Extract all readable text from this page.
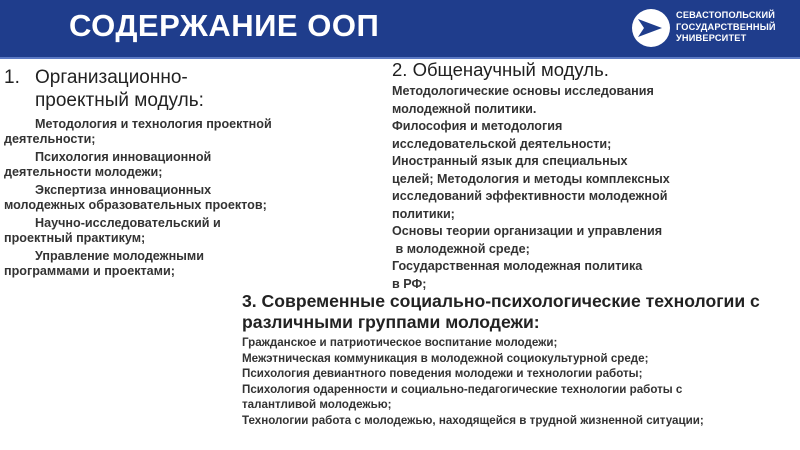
СОДЕРЖАНИЕ ООП	СЕВАСТОПОЛЬСКИЙ
ГОСУДАРСТВЕННЫЙ
УНИВЕРСИТЕТ
1. Организационно-проектный модуль:
Методология и технология проектной деятельности;
Психология инновационной деятельности молодежи;
Экспертиза инновационных молодежных образовательных проектов;
Научно-исследовательский и проектный практикум;
Управление молодежными программами и проектами;
2. Общенаучный модуль.
Методологические основы исследования
молодежной политики.
Философия и методология
исследовательской деятельности;
Иностранный язык для специальных
целей; Методология и методы комплексных
исследований эффективности молодежной
политики;
Основы теории организации и управления
в молодежной среде;
Государственная молодежная политика
в РФ;
3. Современные социально-психологические технологии с различными группами молодежи:
Гражданское и патриотическое воспитание молодежи;
Межэтническая коммуникация в молодежной социокультурной среде;
Психология девиантного поведения молодежи и технологии работы;
Психология одаренности и социально-педагогические технологии работы с
талантливой молодежью;
Технологии работа с молодежью, находящейся в трудной жизненной ситуации;
